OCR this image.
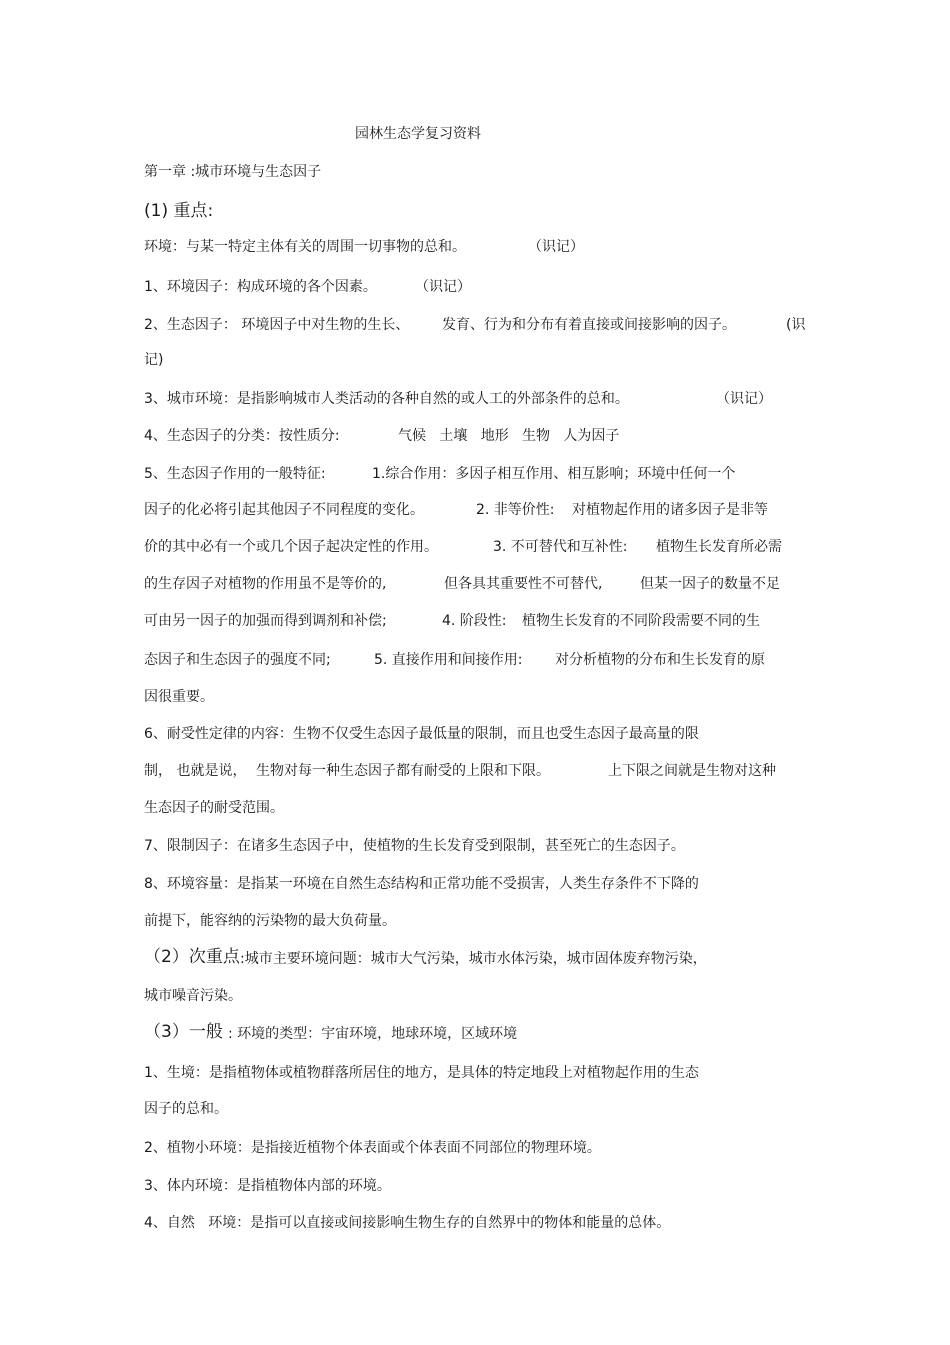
园林生态学复习资料
第一章 :城市环境与生态因子
(1) 重点:
环境：与某一特定主体有关的周围一切事物的总和。	（识记）
1、环境因子：构成环境的各个因素。	（识记）
2、生态因子： 环境因子中对生物的生长、 发育、行为和分布有着直接或间接影响的因子。	(识
记)
3、城市环境：是指影响城市人类活动的各种自然的或人工的外部条件的总和。	（识记）
4、生态因子的分类：按性质分:	气候   土壤   地形   生物   人为因子
5、生态因子作用的一般特征:	1.综合作用：多因子相互作用、相互影响；环境中任何一个
因子的化必将引起其他因子不同程度的变化。	2. 非等价性: 对植物起作用的诸多因子是非等
价的其中必有一个或几个因子起决定性的作用。	3. 不可替代和互补性: 植物生长发育所必需
的生存因子对植物的作用虽不是等价的,	但各具其重要性不可替代,	但某一因子的数量不足
可由另一因子的加强而得到调剂和补偿;	4. 阶段性: 植物生长发育的不同阶段需要不同的生
态因子和生态因子的强度不同;	5. 直接作用和间接作用: 对分析植物的分布和生长发育的原
因很重要。
6、耐受性定律的内容：生物不仅受生态因子最低量的限制，而且也受生态因子最高量的限
制， 也就是说， 生物对每一种生态因子都有耐受的上限和下限。	上下限之间就是生物对这种
生态因子的耐受范围。
7、限制因子：在诸多生态因子中，使植物的生长发育受到限制，甚至死亡的生态因子。
8、环境容量：是指某一环境在自然生态结构和正常功能不受损害，人类生存条件不下降的
前提下，能容纳的污染物的最大负荷量。
（2）次重点 :城市主要环境问题：城市大气污染，城市水体污染，城市固体废弃物污染，
城市噪音污染。
（3）一般 : 环境的类型：宇宙环境，地球环境，区域环境
1、生境：是指植物体或植物群落所居住的地方，是具体的特定地段上对植物起作用的生态
因子的总和。
2、植物小环境：是指接近植物个体表面或个体表面不同部位的物理环境。
3、体内环境：是指植物体内部的环境。
4、自然   环境：是指可以直接或间接影响生物生存的自然界中的物体和能量的总体。
